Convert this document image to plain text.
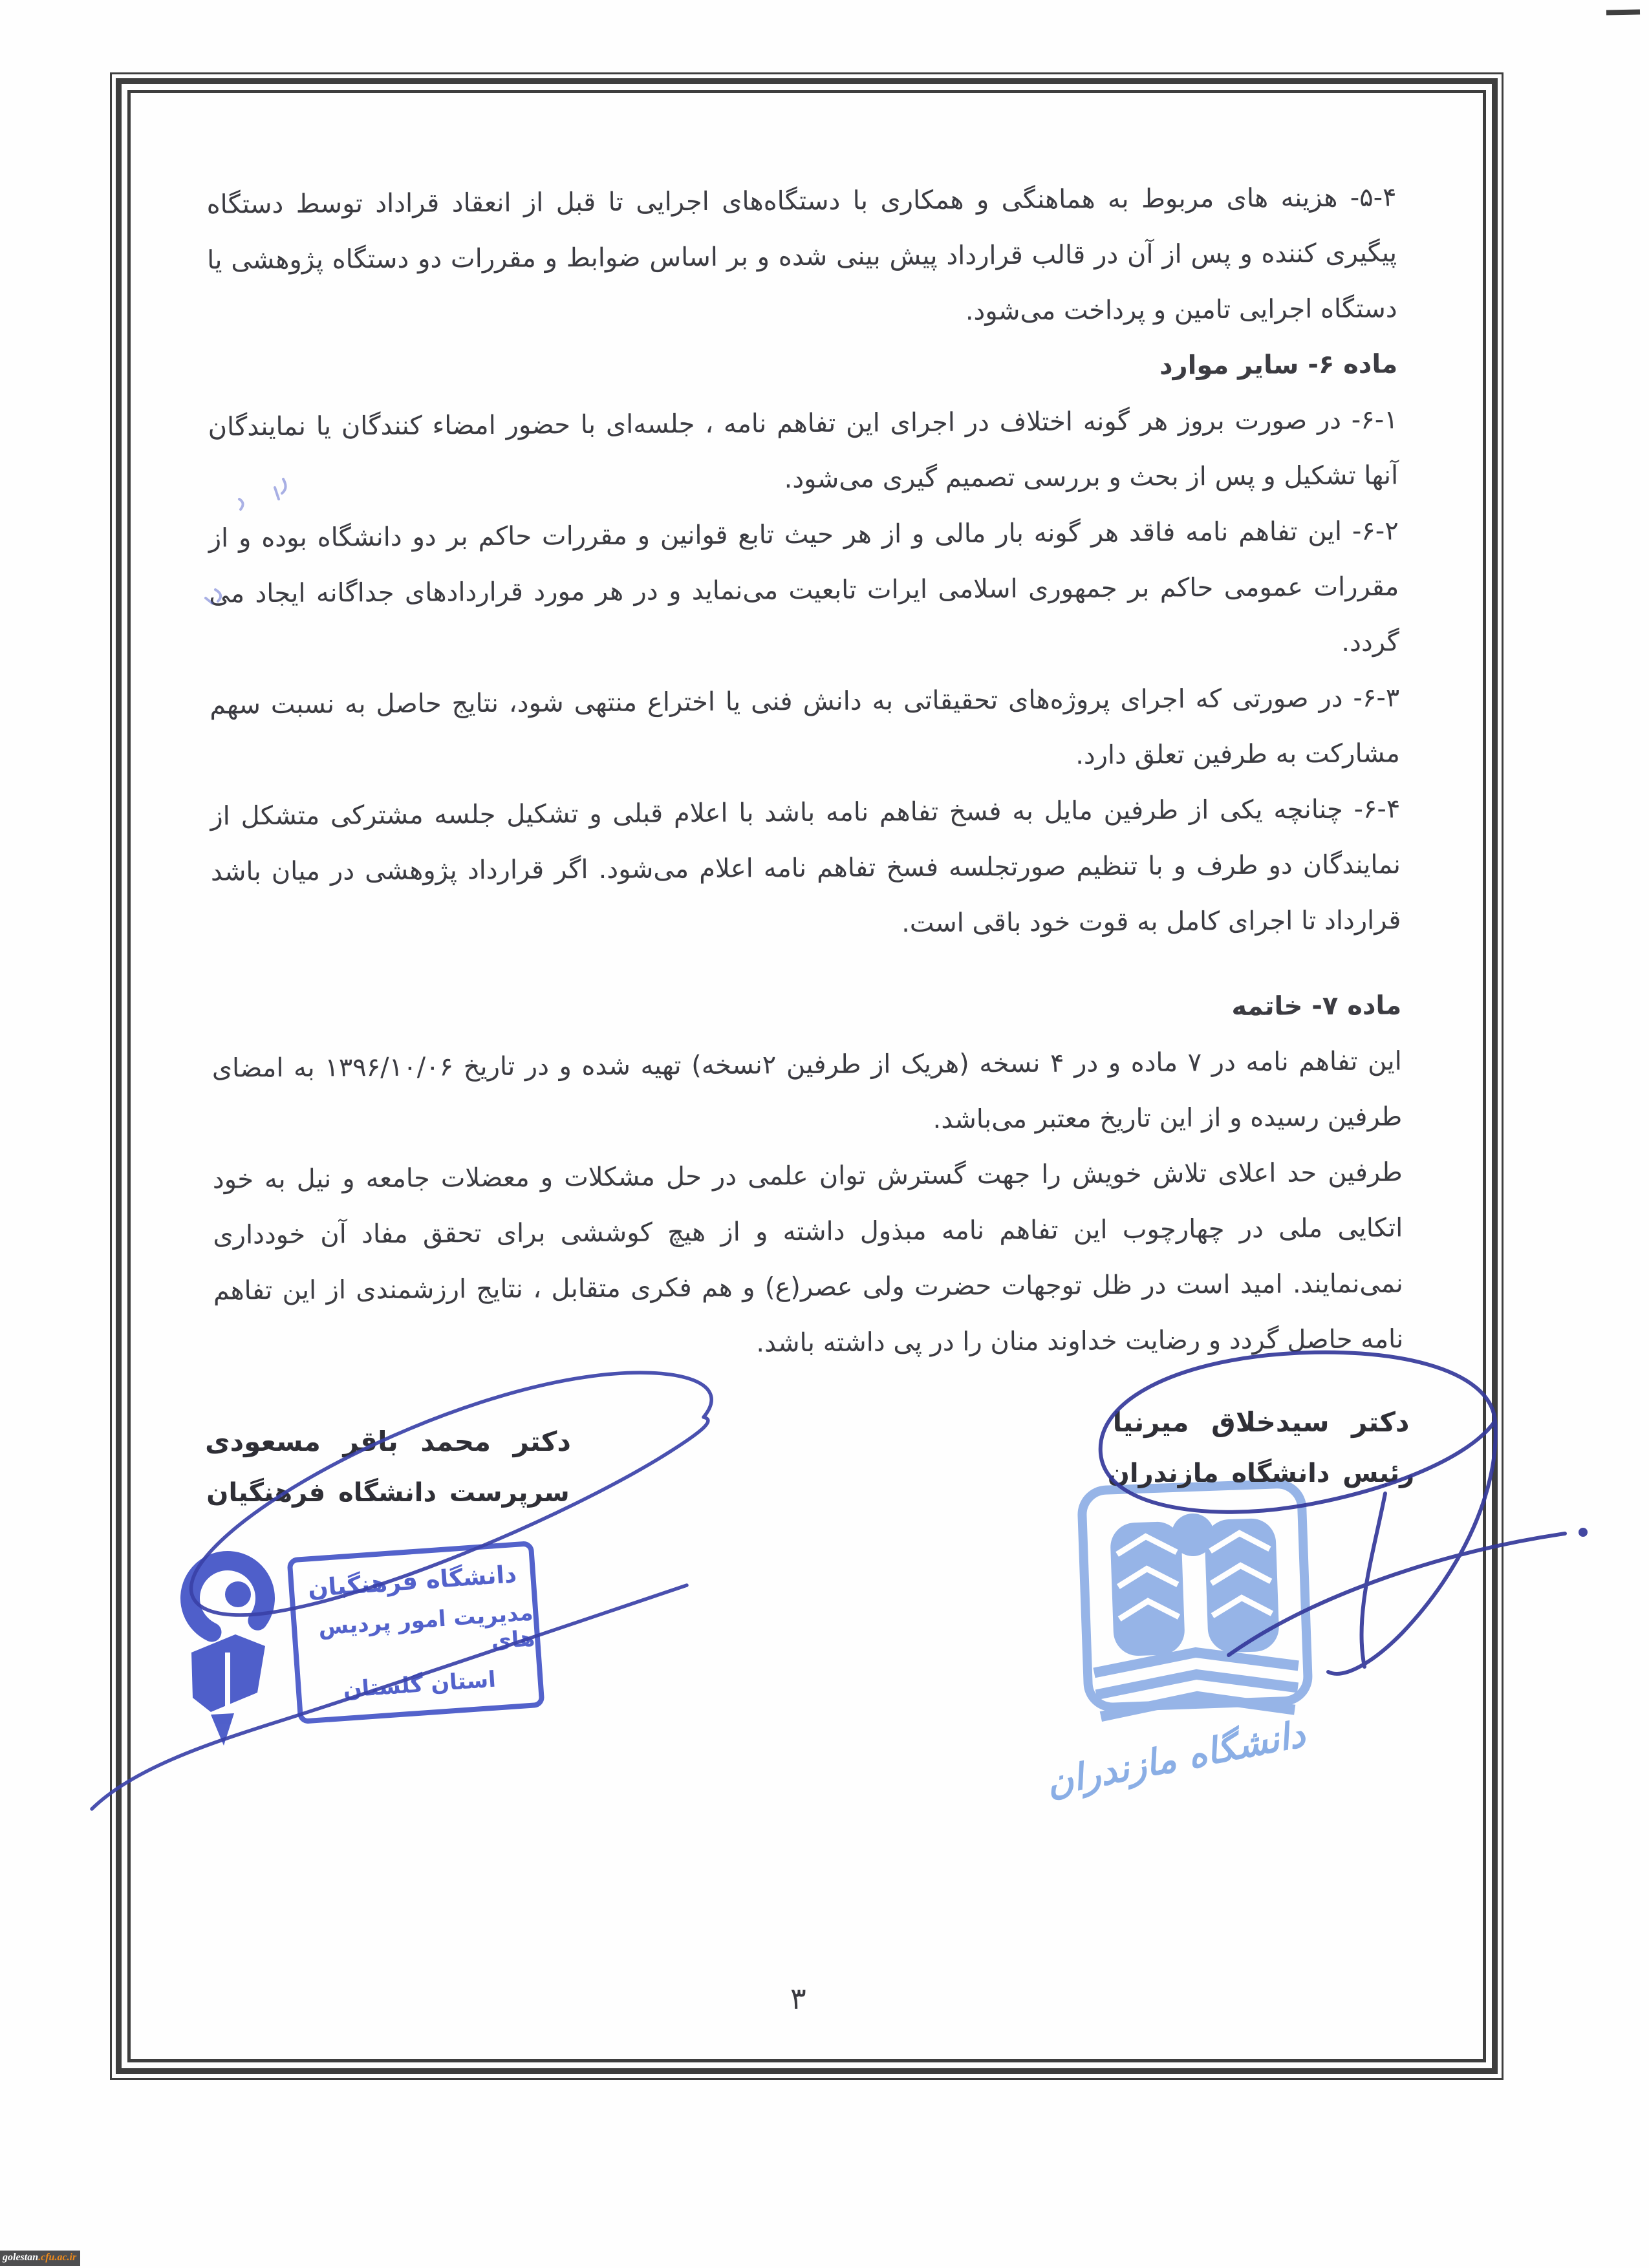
دانشگاه فرهنگیان
مدیریت امور پردیس های
استان گلستان
دانشگاه مازندران

۵-۴- هزینه های مربوط به هماهنگی و همکاری با دستگاه‌های اجرایی تا قبل از انعقاد قراداد توسط دستگاه پیگیری کننده و پس از آن در قالب قرارداد پیش بینی شده و بر اساس ضوابط و مقررات دو دستگاه پژوهشی یا دستگاه اجرایی تامین و پرداخت می‌شود.

ماده ۶- سایر موارد

۶-۱- در صورت بروز هر گونه اختلاف در اجرای این تفاهم نامه ، جلسه‌ای با حضور امضاء کنندگان یا نمایندگان آنها تشکیل و پس از بحث و بررسی تصمیم گیری می‌شود.

۶-۲- این تفاهم نامه فاقد هر گونه بار مالی و از هر حیث تابع قوانین و مقررات حاکم بر دو دانشگاه بوده و از مقررات عمومی حاکم بر جمهوری اسلامی ایرات تابعیت می‌نماید و در هر مورد قراردادهای جداگانه ایجاد می گردد.

۶-۳- در صورتی که اجرای پروژه‌های تحقیقاتی به دانش فنی یا اختراع منتهی شود، نتایج حاصل به نسبت سهم مشارکت به طرفین تعلق دارد.

۶-۴- چنانچه یکی از طرفین مایل به فسخ تفاهم نامه باشد با اعلام قبلی و تشکیل جلسه مشترکی متشکل از نمایندگان دو طرف و با تنظیم صورتجلسه فسخ تفاهم نامه اعلام می‌شود. اگر قرارداد پژوهشی در میان باشد قرارداد تا اجرای کامل به قوت خود باقی است.

ماده ۷- خاتمه

این تفاهم نامه در ۷ ماده و در ۴ نسخه (هریک از طرفین ۲نسخه) تهیه شده و در تاریخ ۱۳۹۶/۱۰/۰۶ به امضای طرفین رسیده و از این تاریخ معتبر می‌باشد.

طرفین حد اعلای تلاش خویش را جهت گسترش توان علمی در حل مشکلات و معضلات جامعه و نیل به خود اتکایی ملی در چهارچوب این تفاهم نامه مبذول داشته و از هیچ کوششی برای تحقق مفاد آن خودداری نمی‌نمایند. امید است در ظل توجهات حضرت ولی عصر(ع) و هم فکری متقابل ، نتایج ارزشمندی از این تفاهم نامه حاصل گردد و رضایت خداوند منان را در پی داشته باشد.

دکتر سیدخلاق میرنیا
رئیس دانشگاه مازندران
دکتر محمد باقر مسعودی
سرپرست دانشگاه فرهنگیان
۳
golestan.cfu.ac.ir
